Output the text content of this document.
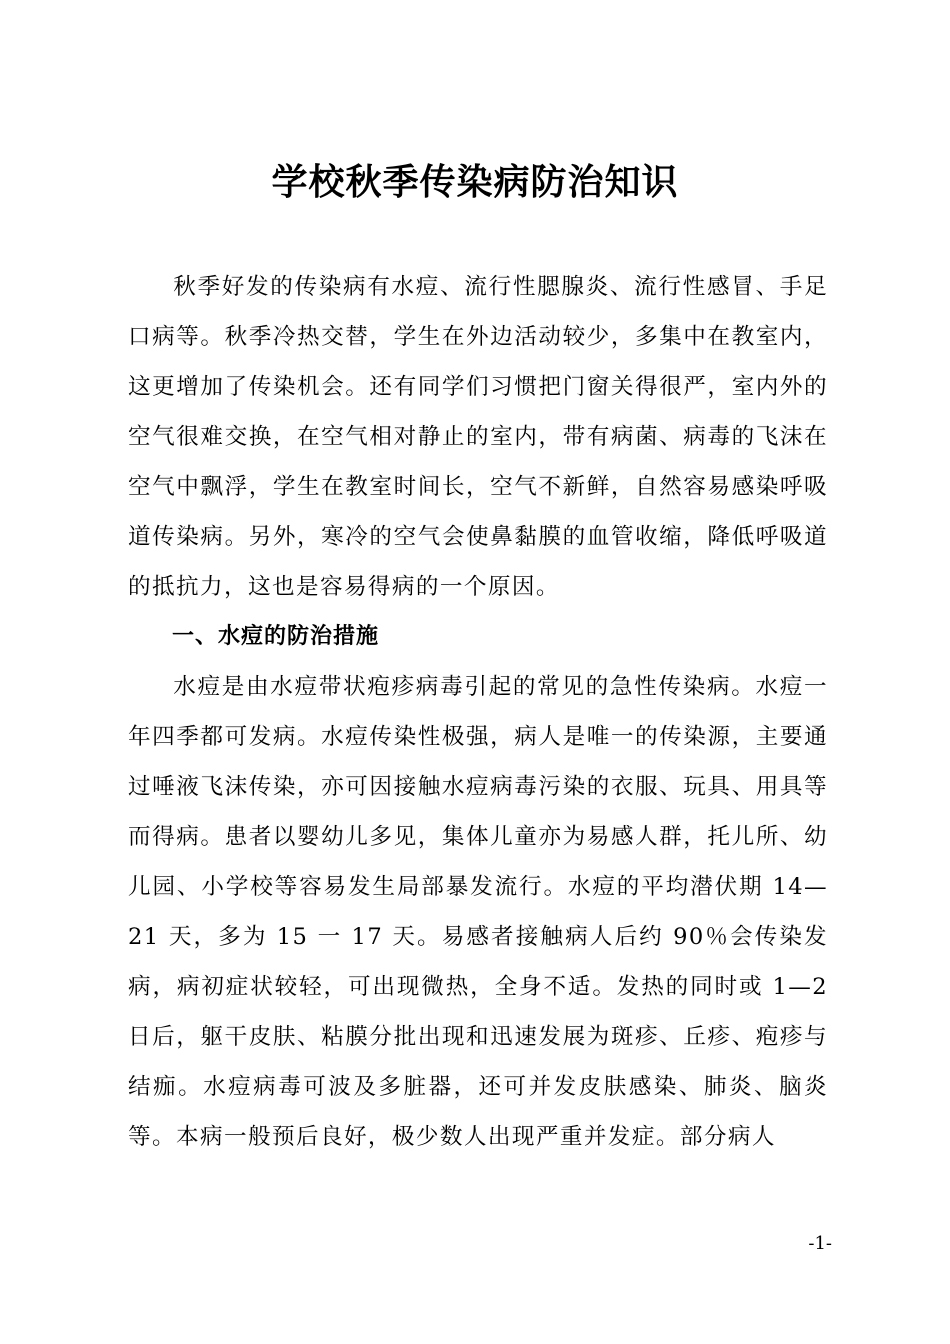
学校秋季传染病防治知识

秋季好发的传染病有水痘、流行性腮腺炎、流行性感冒、手足口病等。秋季冷热交替，学生在外边活动较少，多集中在教室内，这更增加了传染机会。还有同学们习惯把门窗关得很严，室内外的空气很难交换，在空气相对静止的室内，带有病菌、病毒的飞沫在空气中飘浮，学生在教室时间长，空气不新鲜，自然容易感染呼吸道传染病。另外，寒冷的空气会使鼻黏膜的血管收缩，降低呼吸道的抵抗力，这也是容易得病的一个原因。

一、水痘的防治措施

水痘是由水痘带状疱疹病毒引起的常见的急性传染病。水痘一年四季都可发病。水痘传染性极强，病人是唯一的传染源，主要通过唾液飞沫传染，亦可因接触水痘病毒污染的衣服、玩具、用具等而得病。患者以婴幼儿多见，集体儿童亦为易感人群，托儿所、幼儿园、小学校等容易发生局部暴发流行。水痘的平均潜伏期 14—21 天，多为 15 一 17 天。易感者接触病人后约 90％会传染发病，病初症状较轻，可出现微热，全身不适。发热的同时或 1—2 日后，躯干皮肤、粘膜分批出现和迅速发展为斑疹、丘疹、疱疹与结痂。水痘病毒可波及多脏器，还可并发皮肤感染、肺炎、脑炎等。本病一般预后良好，极少数人出现严重并发症。部分病人

-1-
